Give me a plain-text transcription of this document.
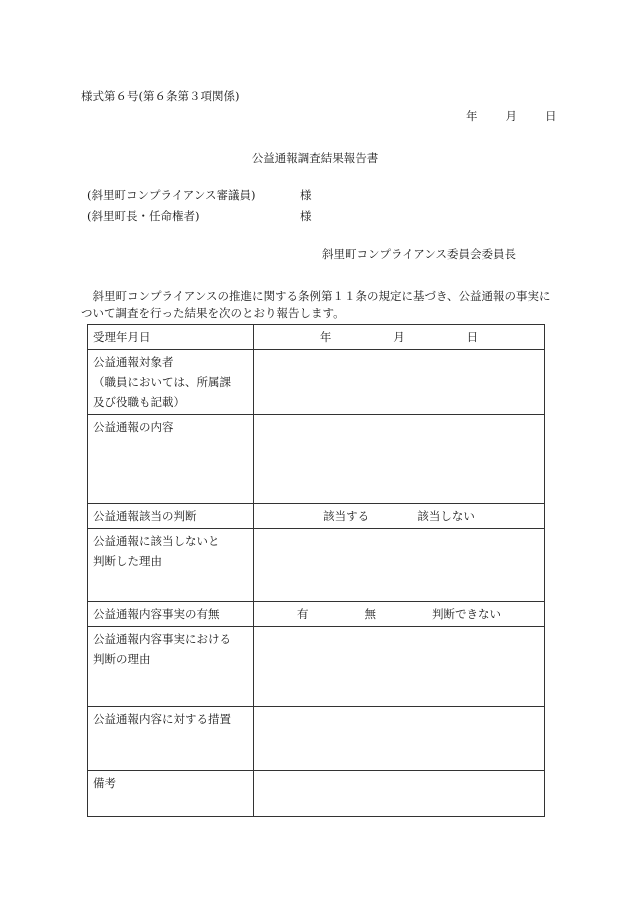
様式第６号(第６条第３項関係)
年 月 日
公益通報調査結果報告書
(斜里町コンプライアンス審議員)	様
(斜里町長・任命権者)	様
斜里町コンプライアンス委員会委員長
斜里町コンプライアンスの推進に関する条例第１１条の規定に基づき、公益通報の事実について調査を行った結果を次のとおり報告します。
受理年月日	年 月 日

公益通報対象者
（職員においては、所属課
及び役職も記載）	

公益通報の内容	
公益通報該当の判断	該当する 該当しない

公益通報に該当しないと
判断した理由	

公益通報内容事実の有無	有 無 判断できない

公益通報内容事実における
判断の理由	

公益通報内容に対する措置	
備考	
